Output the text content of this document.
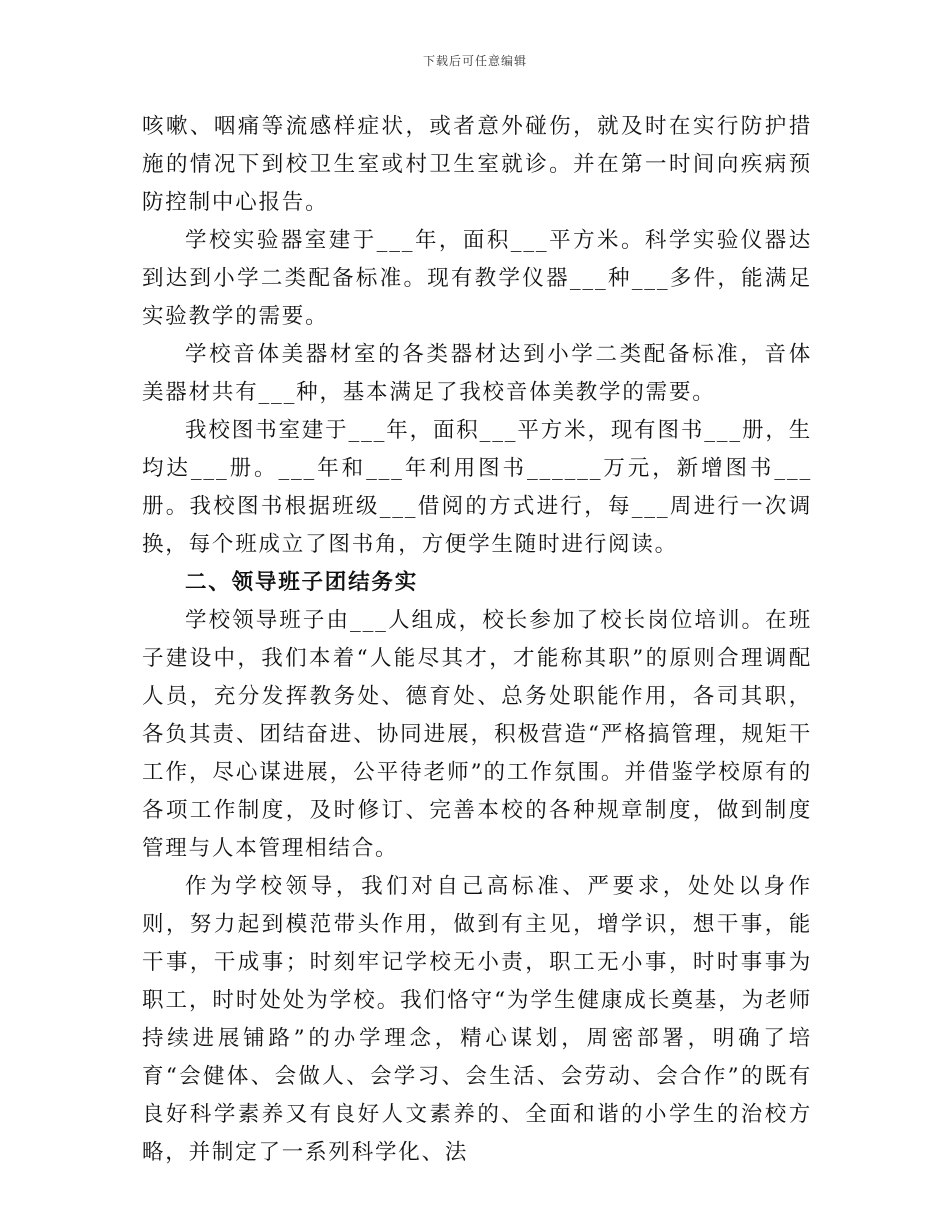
下载后可任意编辑

咳嗽、咽痛等流感样症状，或者意外碰伤，就及时在实行防护措施的情况下到校卫生室或村卫生室就诊。并在第一时间向疾病预防控制中心报告。

学校实验器室建于___年，面积___平方米。科学实验仪器达到达到小学二类配备标准。现有教学仪器___种___多件，能满足实验教学的需要。

学校音体美器材室的各类器材达到小学二类配备标准，音体美器材共有___种，基本满足了我校音体美教学的需要。

我校图书室建于___年，面积___平方米，现有图书___册，生均达___册。___年和___年利用图书______万元，新增图书___册。我校图书根据班级___借阅的方式进行，每___周进行一次调换，每个班成立了图书角，方便学生随时进行阅读。

二、领导班子团结务实

学校领导班子由___人组成，校长参加了校长岗位培训。在班子建设中，我们本着“人能尽其才，才能称其职”的原则合理调配人员，充分发挥教务处、德育处、总务处职能作用，各司其职，各负其责、团结奋进、协同进展，积极营造“严格搞管理，规矩干工作，尽心谋进展，公平待老师”的工作氛围。并借鉴学校原有的各项工作制度，及时修订、完善本校的各种规章制度，做到制度管理与人本管理相结合。

作为学校领导，我们对自己高标准、严要求，处处以身作则，努力起到模范带头作用，做到有主见，增学识，想干事，能干事，干成事；时刻牢记学校无小责，职工无小事，时时事事为职工，时时处处为学校。我们恪守“为学生健康成长奠基，为老师持续进展铺路”的办学理念，精心谋划，周密部署，明确了培育“会健体、会做人、会学习、会生活、会劳动、会合作”的既有良好科学素养又有良好人文素养的、全面和谐的小学生的治校方略，并制定了一系列科学化、法
